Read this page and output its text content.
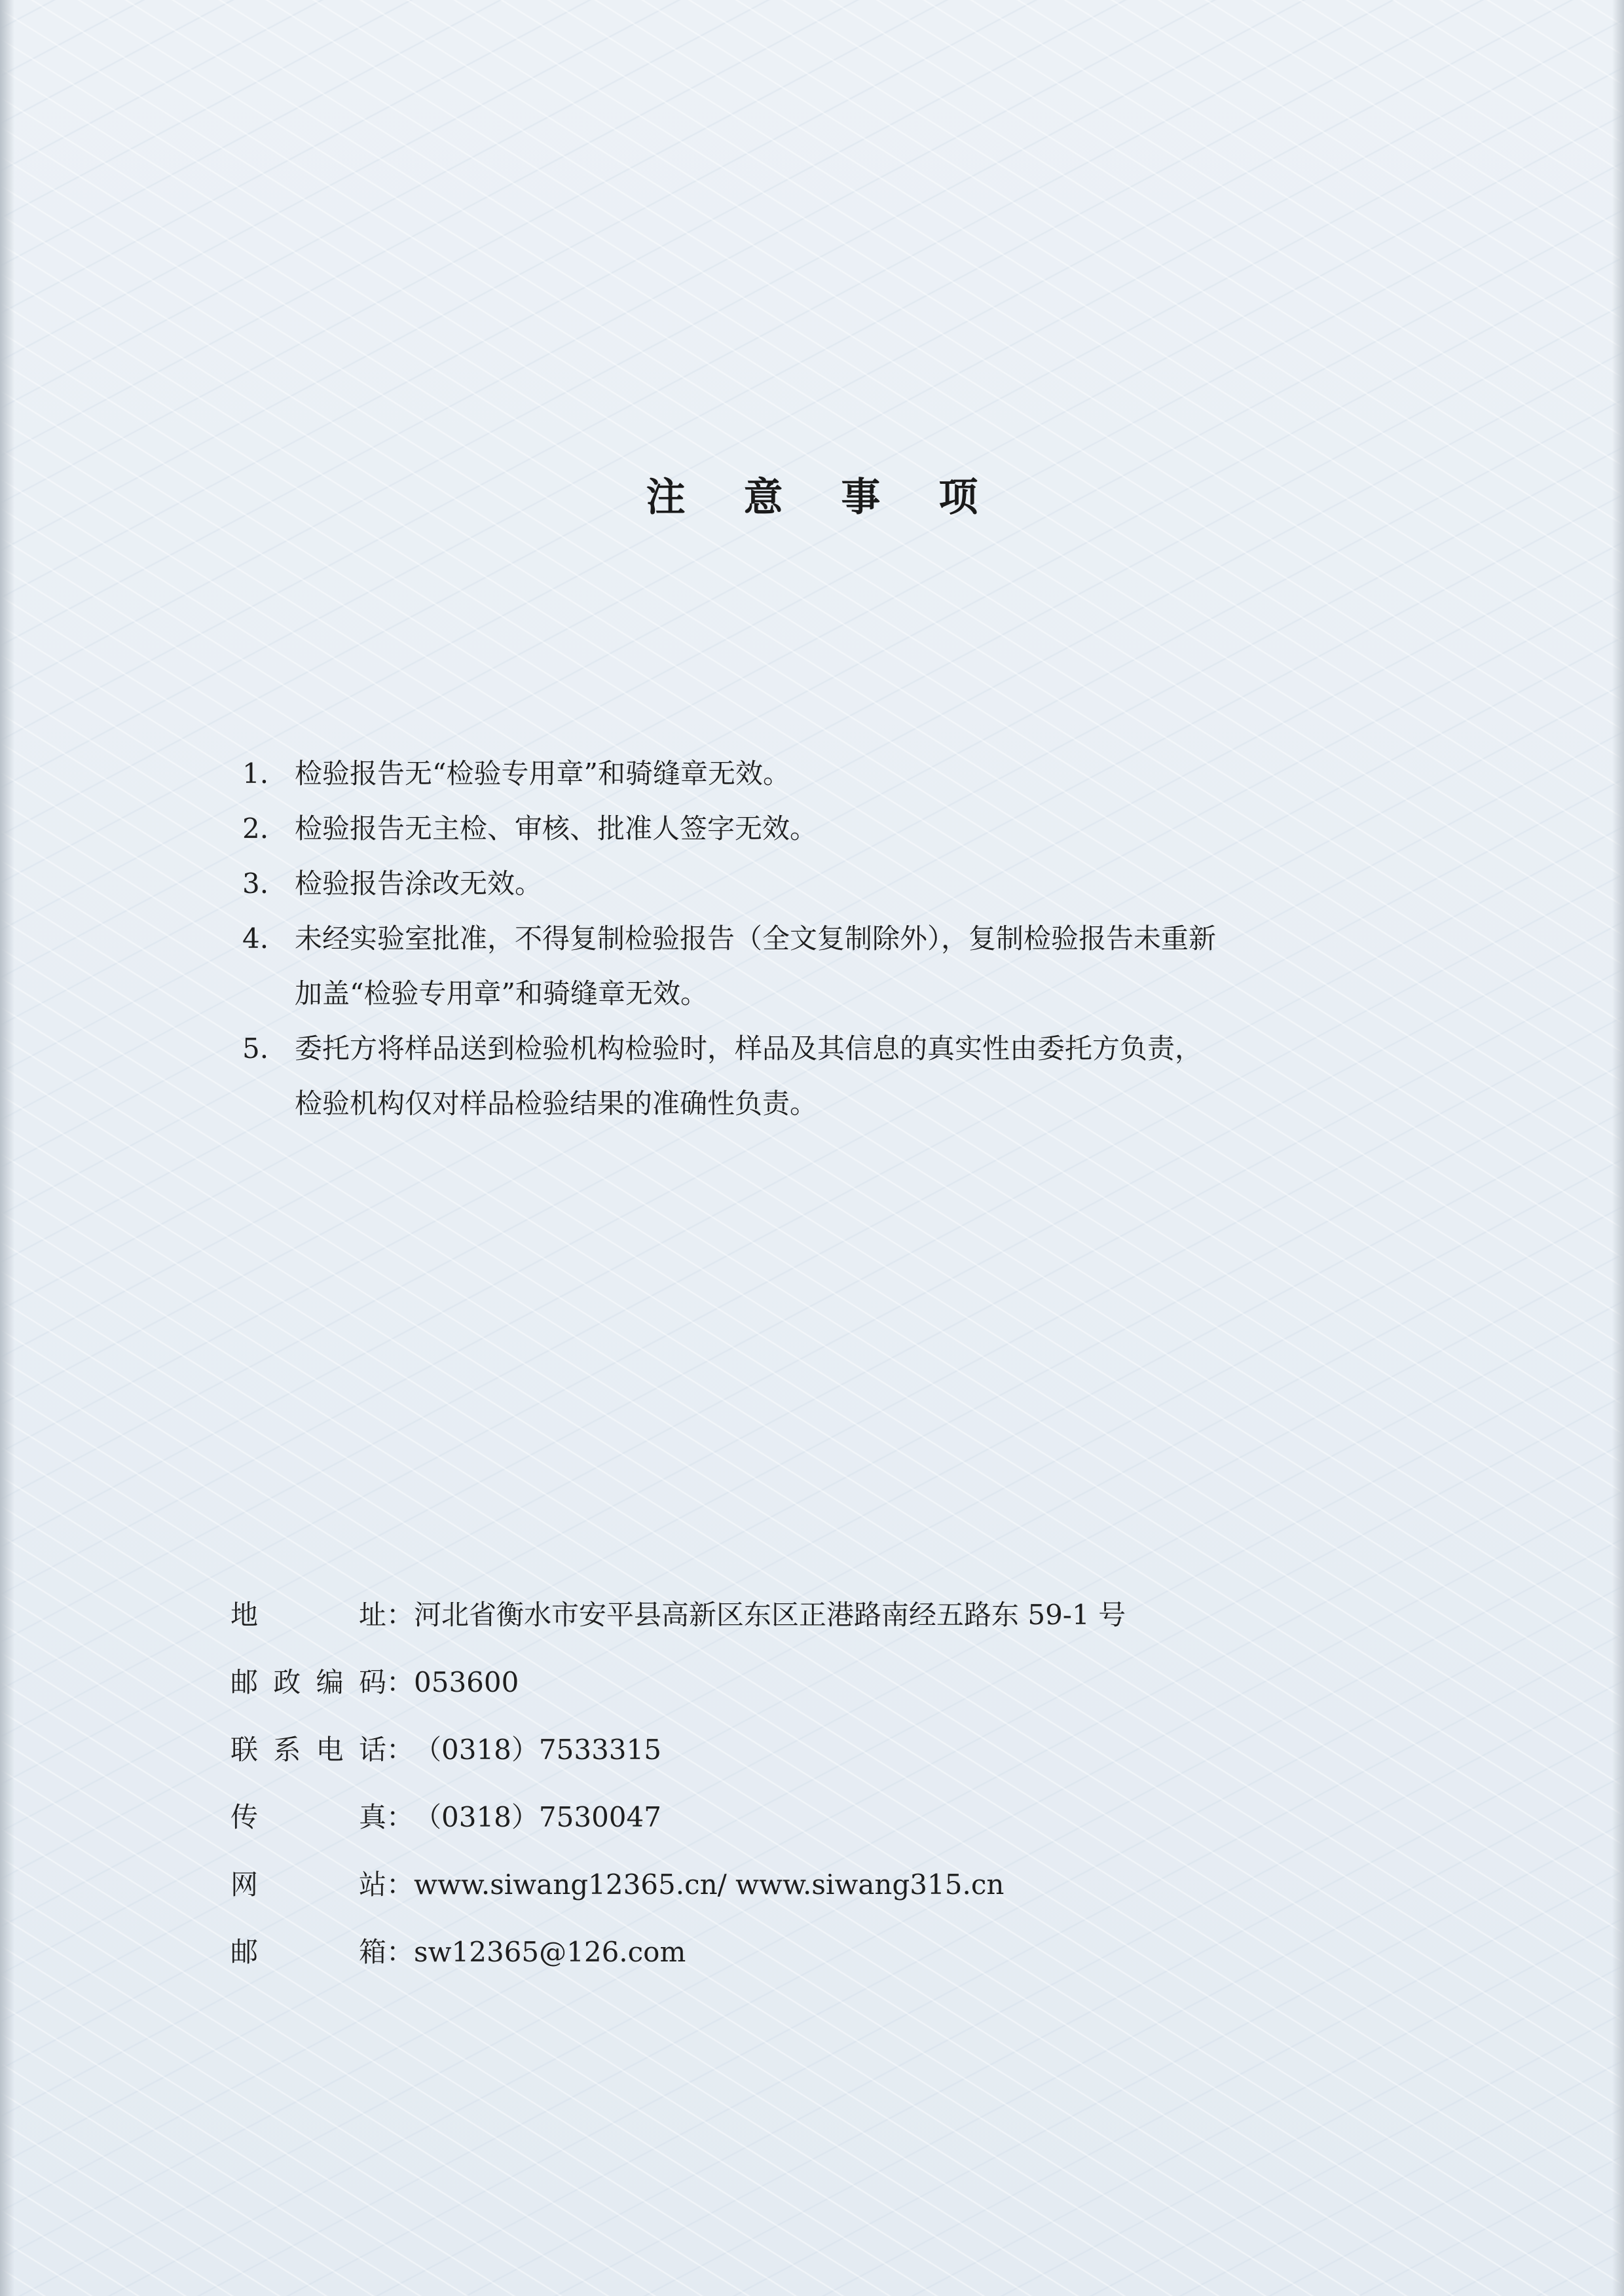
注 意 事 项
1. 检验报告无“检验专用章”和骑缝章无效。
2. 检验报告无主检、审核、批准人签字无效。
3. 检验报告涂改无效。
4. 未经实验室批准，不得复制检验报告（全文复制除外），复制检验报告未重新
加盖“检验专用章”和骑缝章无效。
5. 委托方将样品送到检验机构检验时，样品及其信息的真实性由委托方负责，
检验机构仅对样品检验结果的准确性负责。
地址：河北省衡水市安平县高新区东区正港路南经五路东 59-1 号
邮政编码：053600
联系电话：（0318）7533315
传真：（0318）7530047
网站：www.siwang12365.cn/ www.siwang315.cn
邮箱：sw12365@126.com
